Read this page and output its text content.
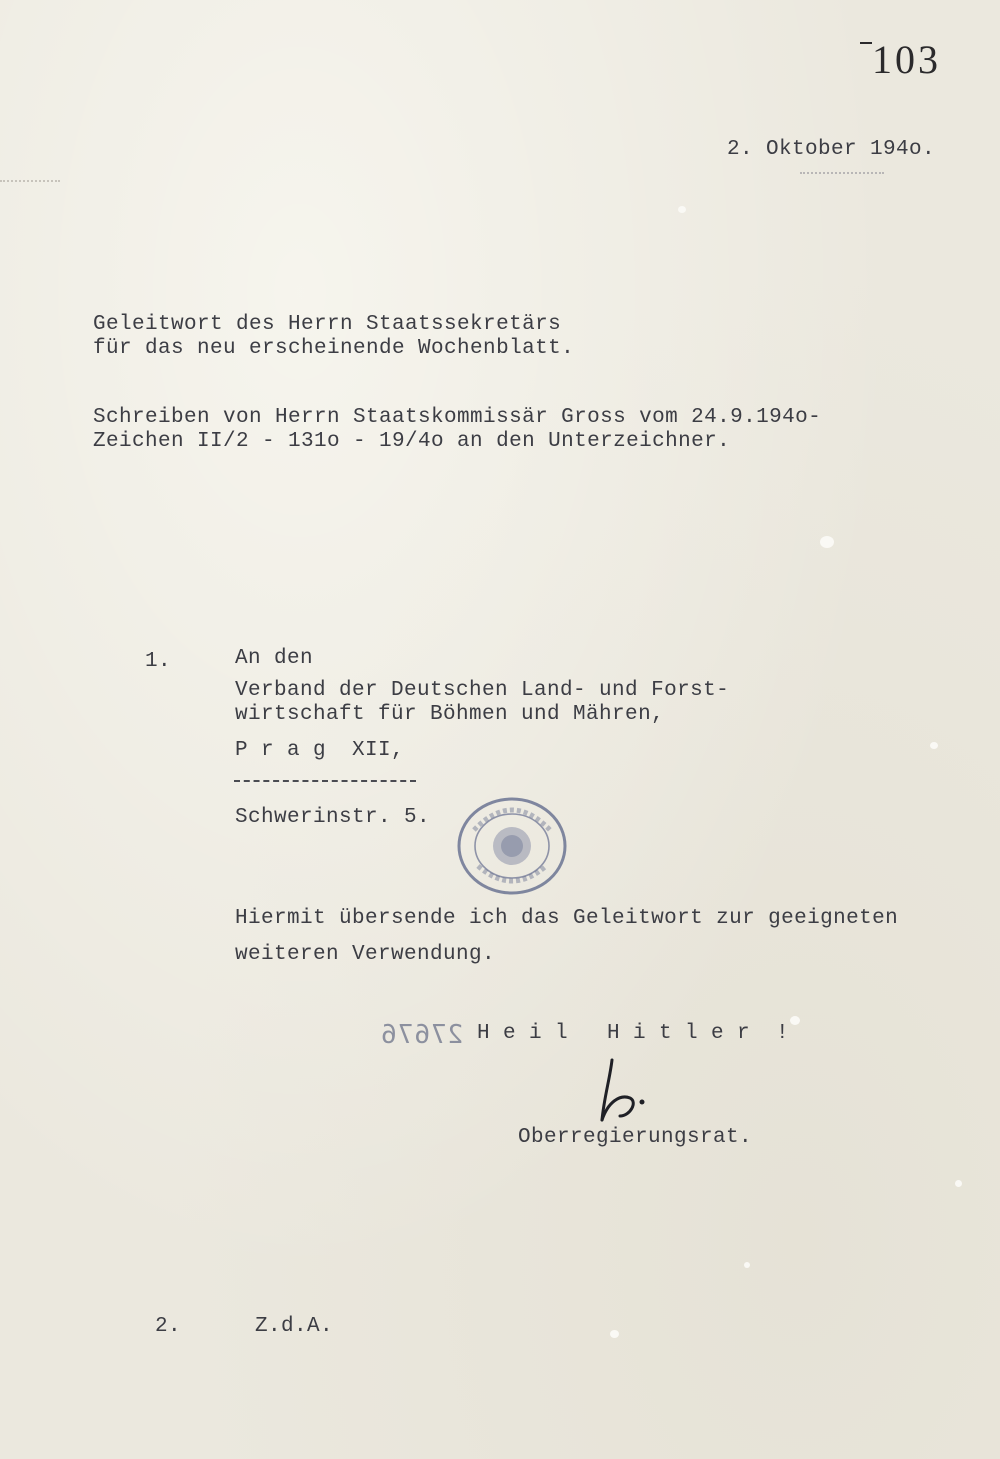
103
2. Oktober 194o.
Geleitwort des Herrn Staatssekretärs
für das neu erscheinende Wochenblatt.
Schreiben von Herrn Staatskommissär Gross vom 24.9.194o-
Zeichen II/2 - 131o - 19/4o an den Unterzeichner.
1.	An den
Verband der Deutschen Land- und Forst-
wirtschaft für Böhmen und Mähren,
P r a g  XII,
Schwerinstr. 5.
Hiermit übersende ich das Geleitwort zur geeigneten
weiteren Verwendung.
27676 H e i l   H i t l e r  !
Oberregierungsrat.
2.	Z.d.A.
